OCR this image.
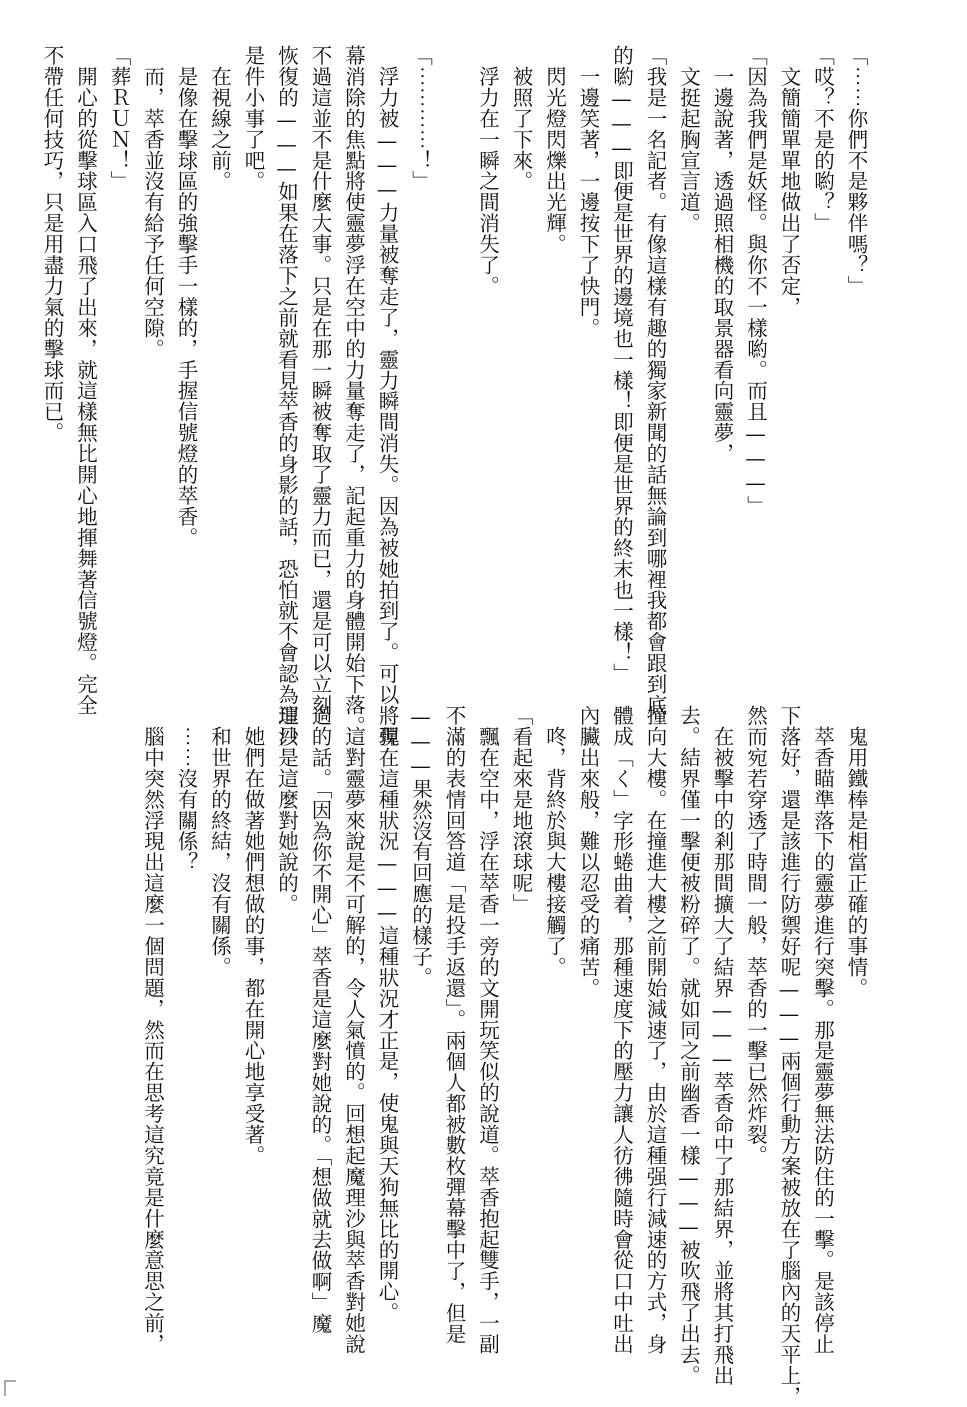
「⋯⋯你們不是夥伴嗎？」
「哎？不是的喲？」
　文簡簡單單地做出了否定，
「因為我們是妖怪。與你不一樣喲。而且———」
　一邊說著，透過照相機的取景器看向靈夢，
　文挺起胸宣言道。
「我是一名記者。有像這樣有趣的獨家新聞的話無論到哪裡我都會跟到底
的喲———即便是世界的邊境也一樣！即便是世界的終末也一樣！」
　一邊笑著，一邊按下了快門。
　閃光燈閃爍出光輝。
　被照了下來。
　浮力在一瞬之間消失了。

「⋯⋯⋯⋯！」
　浮力被———力量被奪走了，靈力瞬間消失。因為被她拍到了。可以將彈
幕消除的焦點將使靈夢浮在空中的力量奪走了，記起重力的身體開始下落。
不過這並不是什麼大事。只是在那一瞬被奪取了靈力而已，還是可以立刻
恢復的———如果在落下之前就看見萃香的身影的話，恐怕就不會認為這只
是件小事了吧。
　在視線之前。
　是像在擊球區的強擊手一樣的，手握信號燈的萃香。
　而，萃香並沒有給予任何空隙。
「葬ＲＵＮ！」
　開心的從擊球區入口飛了出來，就這樣無比開心地揮舞著信號燈。完全
不帶任何技巧，只是用盡力氣的擊球而已。
　鬼用鐵棒是相當正確的事情。
　萃香瞄準落下的靈夢進行突擊。那是靈夢無法防住的一擊。是該停止
下落好，還是該進行防禦好呢———兩個行動方案被放在了腦內的天平上，
然而宛若穿透了時間一般，萃香的一擊已然炸裂。
　在被擊中的剎那間擴大了結界———萃香命中了那結界，並將其打飛出
去。結界僅一擊便被粉碎了。就如同之前幽香一樣———被吹飛了出去。
撞向大樓。在撞進大樓之前開始減速了，由於這種强行減速的方式，身
體成「く」字形蜷曲着，那種速度下的壓力讓人彷彿隨時會從口中吐出
內臟出來般，難以忍受的痛苦。
　咚，背終於與大樓接觸了。
「看起來是地滾球呢」
　飄在空中，浮在萃香一旁的文開玩笑似的說道。萃香抱起雙手，一副
不滿的表情回答道「是投手返還」。兩個人都被數枚彈幕擊中了，但是
———果然沒有回應的樣子。
　現在這種狀況———這種狀況才正是，使鬼與天狗無比的開心。
　這對靈夢來說是不可解的，令人氣憤的。回想起魔理沙與萃香對她說
過的話。「因為你不開心」萃香是這麼對她說的。「想做就去做啊」魔
理沙是這麼對她說的。
　她們在做著她們想做的事，都在開心地享受著。
　和世界的終結，沒有關係。
　⋯⋯沒有關係？
　腦中突然浮現出這麼一個問題，然而在思考這究竟是什麼意思之前，
